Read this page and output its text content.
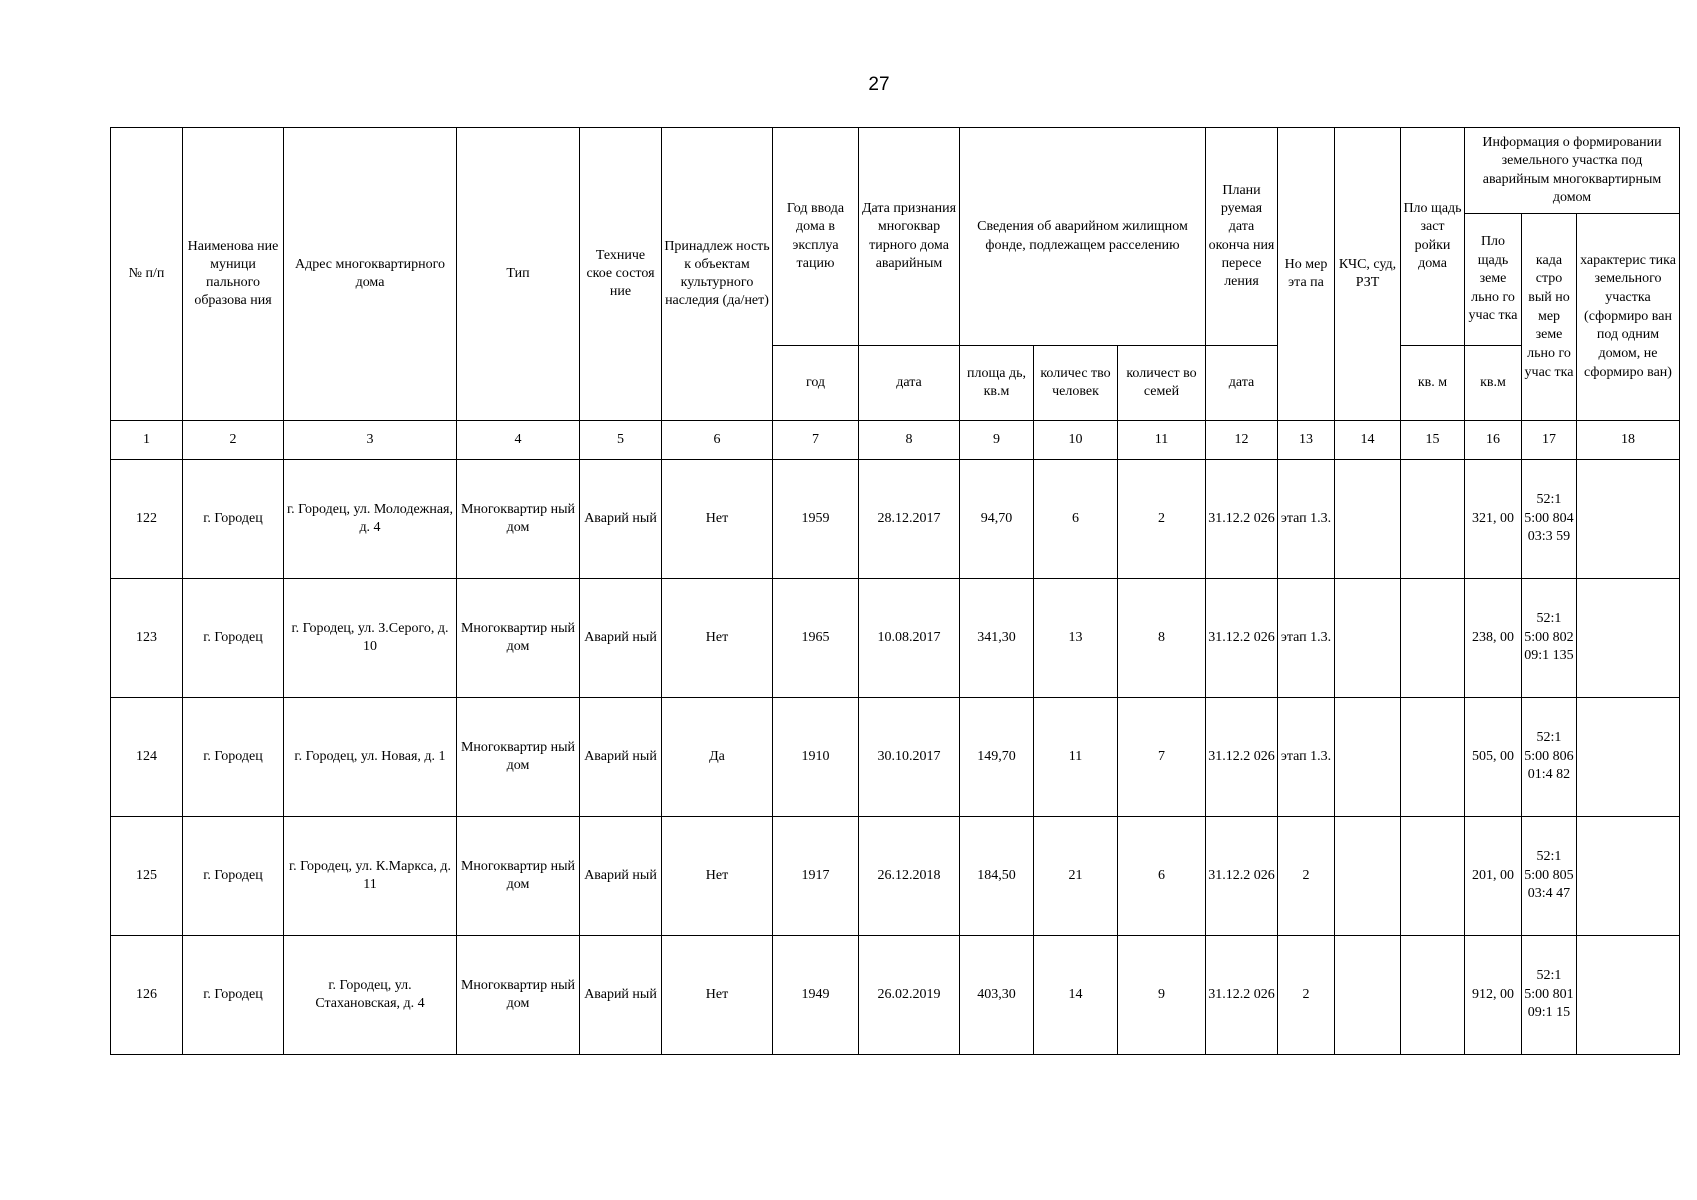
27
№ п/п	Наименова ние муници пального образова ния	Адрес многоквартирного дома	Тип	Техниче ское состоя ние	Принадлеж ность к объектам культурного наследия (да/нет)	Год ввода дома в эксплуа тацию	Дата признания многоквар тирного дома аварийным	Сведения об аварийном жилищном фонде, подлежащем расселению			Плани руемая дата оконча ния пересе ления	Но мер эта па	КЧС, суд, РЗТ	Пло щадь заст ройки дома	Информация о формировании земельного участка под аварийным многоквартирным домом		
															Пло щадь земе льно го учас тка	када стро вый но мер земе льно го учас тка	характерис тика земельного участка (сформиро ван под одним домом, не сформиро ван)
						год	дата	площа дь, кв.м	количес тво человек	количест во семей	дата			кв. м	кв.м		
1	2	3	4	5	6	7	8	9	10	11	12	13	14	15	16	17	18
122	г. Городец	г. Городец, ул. Молодежная, д. 4	Многоквартир ный дом	Аварий ный	Нет	1959	28.12.2017	94,70	6	2	31.12.2 026	этап 1.3.			321, 00	52:1 5:00 804 03:3 59	
123	г. Городец	г. Городец, ул. З.Серого, д. 10	Многоквартир ный дом	Аварий ный	Нет	1965	10.08.2017	341,30	13	8	31.12.2 026	этап 1.3.			238, 00	52:1 5:00 802 09:1 135	
124	г. Городец	г. Городец, ул. Новая, д. 1	Многоквартир ный дом	Аварий ный	Да	1910	30.10.2017	149,70	11	7	31.12.2 026	этап 1.3.			505, 00	52:1 5:00 806 01:4 82	
125	г. Городец	г. Городец, ул. К.Маркса, д. 11	Многоквартир ный дом	Аварий ный	Нет	1917	26.12.2018	184,50	21	6	31.12.2 026	2			201, 00	52:1 5:00 805 03:4 47	
126	г. Городец	г. Городец, ул. Стахановская, д. 4	Многоквартир ный дом	Аварий ный	Нет	1949	26.02.2019	403,30	14	9	31.12.2 026	2			912, 00	52:1 5:00 801 09:1 15	
